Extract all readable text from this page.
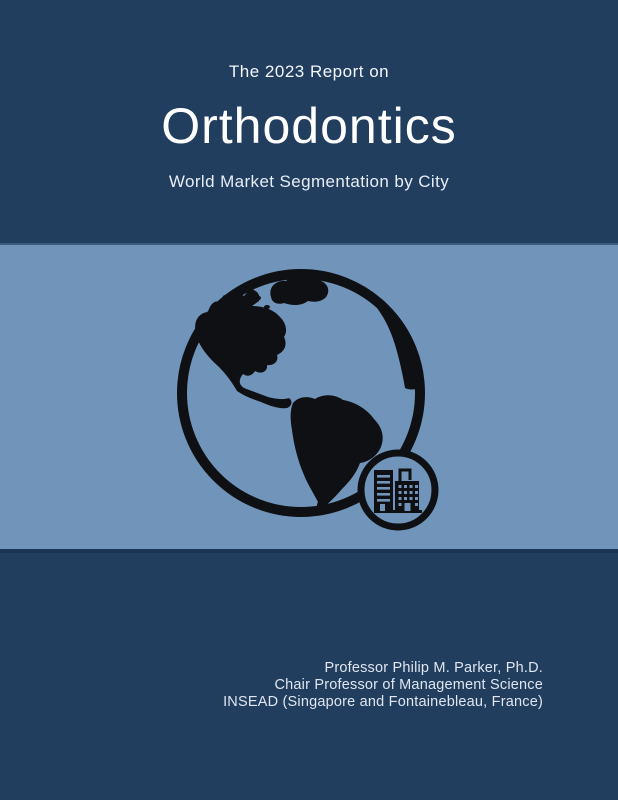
The 2023 Report on
Orthodontics
World Market Segmentation by City
Professor Philip M. Parker, Ph.D.
Chair Professor of Management Science
INSEAD (Singapore and Fontainebleau, France)
